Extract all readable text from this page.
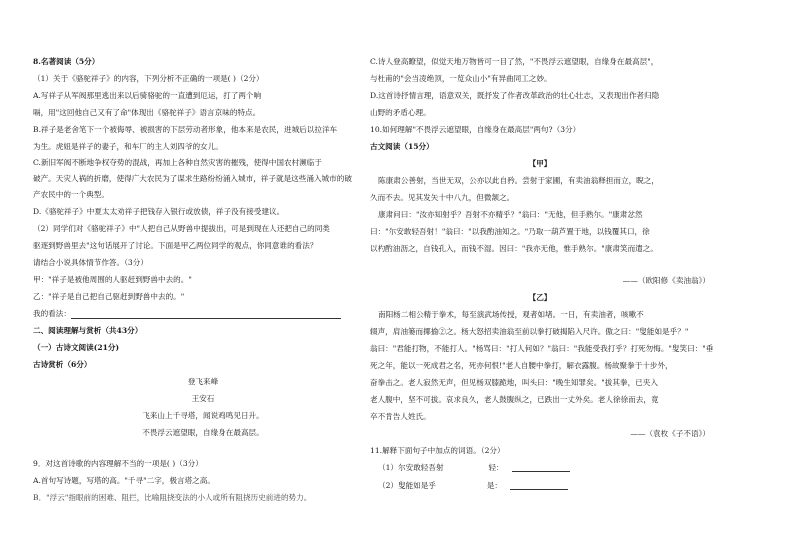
8.名著阅读（5分）
（1）关于《骆驼祥子》的内容，下列分析不正确的一项是( )（2分）
A.写祥子从军阀那里逃出来以后骑骆驼的一直遭到厄运，打了两个响
嗝，用"这回他自己又有了命"体现出《骆驼祥子》语言京味的特点。
B.祥子是老舍笔下一个被侮辱、被损害的下层劳动者形象，他本来是农民，进城后以拉洋车
为生。虎妞是祥子的妻子，和车厂的主人刘四爷的女儿。
C.新旧军阀不断地争权夺势的混战，再加上各种自然灾害的摧残，使得中国农村濒临于
破产。天灾人祸的折磨，使得广大农民为了谋求生路纷纷涌入城市，祥子就是这些涌入城市的破
产农民中的一个典型。
D.《骆驼祥子》中夏太太劝祥子把钱存入银行或放债，祥子没有接受建议。
（2）同学们对《骆驼祥子》中"人把自己从野兽中提拔出，可是到现在人还把自己的同类
驱逐到野兽里去"这句话展开了讨论。下面是甲乙两位同学的观点，你同意谁的看法？
请结合小说具体情节作答。（3分）
甲："祥子是被他周围的人驱赶到野兽中去的。"
乙："祥子是自己把自己驱赶到野兽中去的。"
我的看法：
二、阅读理解与赏析（共43分）
（一）古诗文阅读(21分)
古诗赏析（6分）
登飞来峰
王安石
飞来山上千寻塔，闻说鸡鸣见日升。
不畏浮云遮望眼，自缘身在最高层。
9．对这首诗歌的内容理解不当的一项是( )（3分）
A.首句写诗题，写塔的高。"千寻"二字，极言塔之高。
B．"浮云"指眼前的困难、阻拦，比喻阻挠变法的小人或所有阻挠历史前进的势力。
C.诗人登高瞭望，似觉天地万物皆可一目了然，"不畏浮云遮望眼，自缘身在最高层"，
与杜甫的"会当凌绝顶，一览众山小"有异曲同工之妙。
D.这首诗抒情言理，语意双关，既抒发了作者改革政治的壮心壮志，又表现出作者归隐
山野的矛盾心理。
10.如何理解"不畏浮云遮望眼，自缘身在最高层"两句?（3分）
古文阅读（15分）
【甲】
陈康肃公善射，当世无双，公亦以此自矜。尝射于家圃，有卖油翁释担而立，睨之，
久而不去。见其发矢十中八九，但微颔之。
康肃问曰："汝亦知射乎？吾射不亦精乎？"翁曰："无他，但手熟尔。"康肃忿然
曰："尔安敢轻吾射！"翁曰："以我酌油知之。"乃取一葫芦置于地，以钱覆其口，徐
以杓酌油沥之，自钱孔入，而钱不湿。因曰："我亦无他，惟手熟尔。"康肃笑而遣之。
——（欧阳修《卖油翁》）
【乙】
南阳杨二相公精于拳术，每至演武场传授，观者如堵。一日，有卖油者，咳嗽不
辍声，肩油篓而揶揄②之。杨大怒招卖油翁至前以拳打破揭陷入尺许。傲之曰："叟能如是乎？"
翁曰："君能打物，不能打人。"杨骂曰："打人何如？"翁曰："我能受我打乎？打死勿悔。"叟笑曰："垂
死之年，能以一死成君之名，死亦何恨!"老人自腰中拳打，解衣露腹。杨故聚拳于十步外，
奋拳击之。老人寂然无声，但见杨双膝跪地，叫头曰："晚生知罪矣。"拔其拳，已夹入
老人腹中，坚不可拔。哀求良久，老人鼓腹纵之，已跌出一丈外矣。老人徐徐而去，竟
卒不肯告人姓氏。
——（袁枚《子不语》）
11.解释下面句子中加点的词语。（2分）
（1）尔安敢轻吾射	轻：
（2）叟能如是乎	是：
